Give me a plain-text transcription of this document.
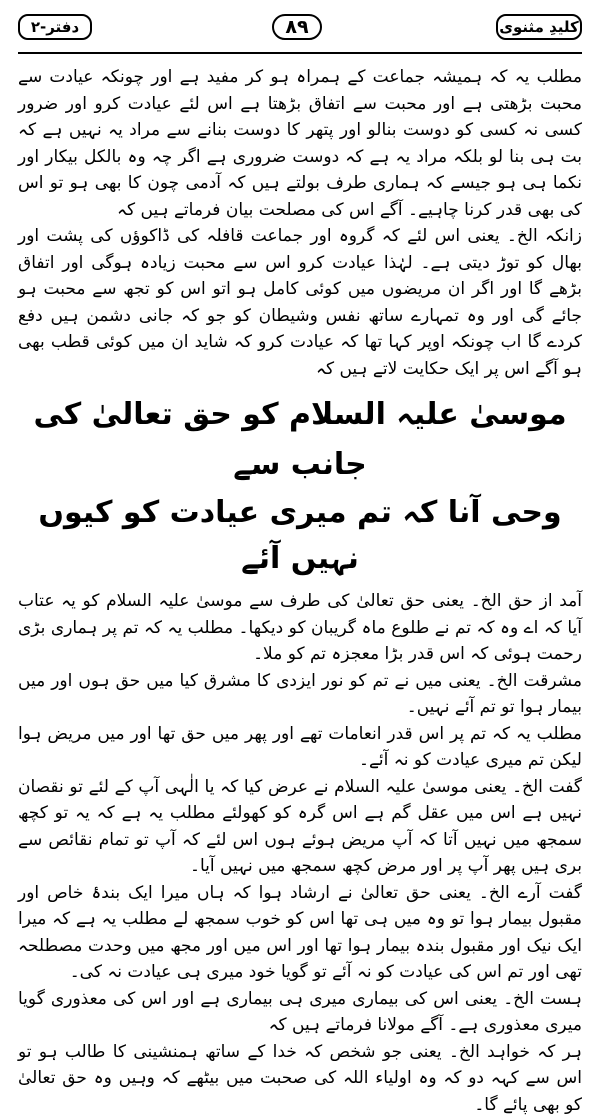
دفتر-۲	۸۹	کلیدِ مثنوی

مطلب یہ کہ ہمیشہ جماعت کے ہمراہ ہو کر مفید ہے اور چونکہ عیادت سے محبت بڑھتی ہے اور محبت سے اتفاق بڑھتا ہے اس لئے عیادت کرو اور ضرور کسی نہ کسی کو دوست بنالو اور پتھر کا دوست بنانے سے مراد یہ نہیں ہے کہ بت ہی بنا لو بلکہ مراد یہ ہے کہ دوست ضروری ہے اگر چہ وہ بالکل بیکار اور نکما ہی ہو جیسے کہ ہماری طرف بولتے ہیں کہ آدمی چون کا بھی ہو تو اس کی بھی قدر کرنا چاہیے۔ آگے اس کی مصلحت بیان فرماتے ہیں کہ

زانکہ الخ۔ یعنی اس لئے کہ گروہ اور جماعت قافلہ کی ڈاکوؤں کی پشت اور بھال کو توڑ دیتی ہے۔ لہٰذا عیادت کرو اس سے محبت زیادہ ہوگی اور اتفاق بڑھے گا اور اگر ان مریضوں میں کوئی کامل ہو اتو اس کو تجھ سے محبت ہو جائے گی اور وہ تمہارے ساتھ نفس وشیطان کو جو کہ جانی دشمن ہیں دفع کردے گا اب چونکہ اوپر کہا تھا کہ عیادت کرو کہ شاید ان میں کوئی قطب بھی ہو آگے اس پر ایک حکایت لاتے ہیں کہ

موسیٰ علیہ السلام کو حق تعالیٰ کی جانب سے
وحی آنا کہ تم میری عیادت کو کیوں نہیں آئے

آمد از حق الخ۔ یعنی حق تعالیٰ کی طرف سے موسیٰ علیہ السلام کو یہ عتاب آیا کہ اے وہ کہ تم نے طلوع ماہ گریبان کو دیکھا۔ مطلب یہ کہ تم پر ہماری بڑی رحمت ہوئی کہ اس قدر بڑا معجزہ تم کو ملا۔

مشرقت الخ۔ یعنی میں نے تم کو نور ایزدی کا مشرق کیا میں حق ہوں اور میں بیمار ہوا تو تم آئے نہیں۔

مطلب یہ کہ تم پر اس قدر انعامات تھے اور پھر میں حق تھا اور میں مریض ہوا لیکن تم میری عیادت کو نہ آئے۔

گفت الخ۔ یعنی موسیٰ علیہ السلام نے عرض کیا کہ یا الٰہی آپ کے لئے تو نقصان نہیں ہے اس میں عقل گم ہے اس گرہ کو کھولئے مطلب یہ ہے کہ یہ تو کچھ سمجھ میں نہیں آتا کہ آپ مریض ہوئے ہوں اس لئے کہ آپ تو تمام نقائص سے بری ہیں پھر آپ پر اور مرض کچھ سمجھ میں نہیں آیا۔

گفت آرے الخ۔ یعنی حق تعالیٰ نے ارشاد ہوا کہ ہاں میرا ایک بندۂ خاص اور مقبول بیمار ہوا تو وہ میں ہی تھا اس کو خوب سمجھ لے مطلب یہ ہے کہ میرا ایک نیک اور مقبول بندہ بیمار ہوا تھا اور اس میں اور مجھ میں وحدت مصطلحہ تھی اور تم اس کی عیادت کو نہ آئے تو گویا خود میری ہی عیادت نہ کی۔

ہست الخ۔ یعنی اس کی بیماری میری ہی بیماری ہے اور اس کی معذوری گویا میری معذوری ہے۔ آگے مولانا فرماتے ہیں کہ

ہر کہ خواہد الخ۔ یعنی جو شخص کہ خدا کے ساتھ ہمنشینی کا طالب ہو تو اس سے کہہ دو کہ وہ اولیاء اللہ کی صحبت میں بیٹھے کہ وہیں وہ حق تعالیٰ کو بھی پائے گا۔
